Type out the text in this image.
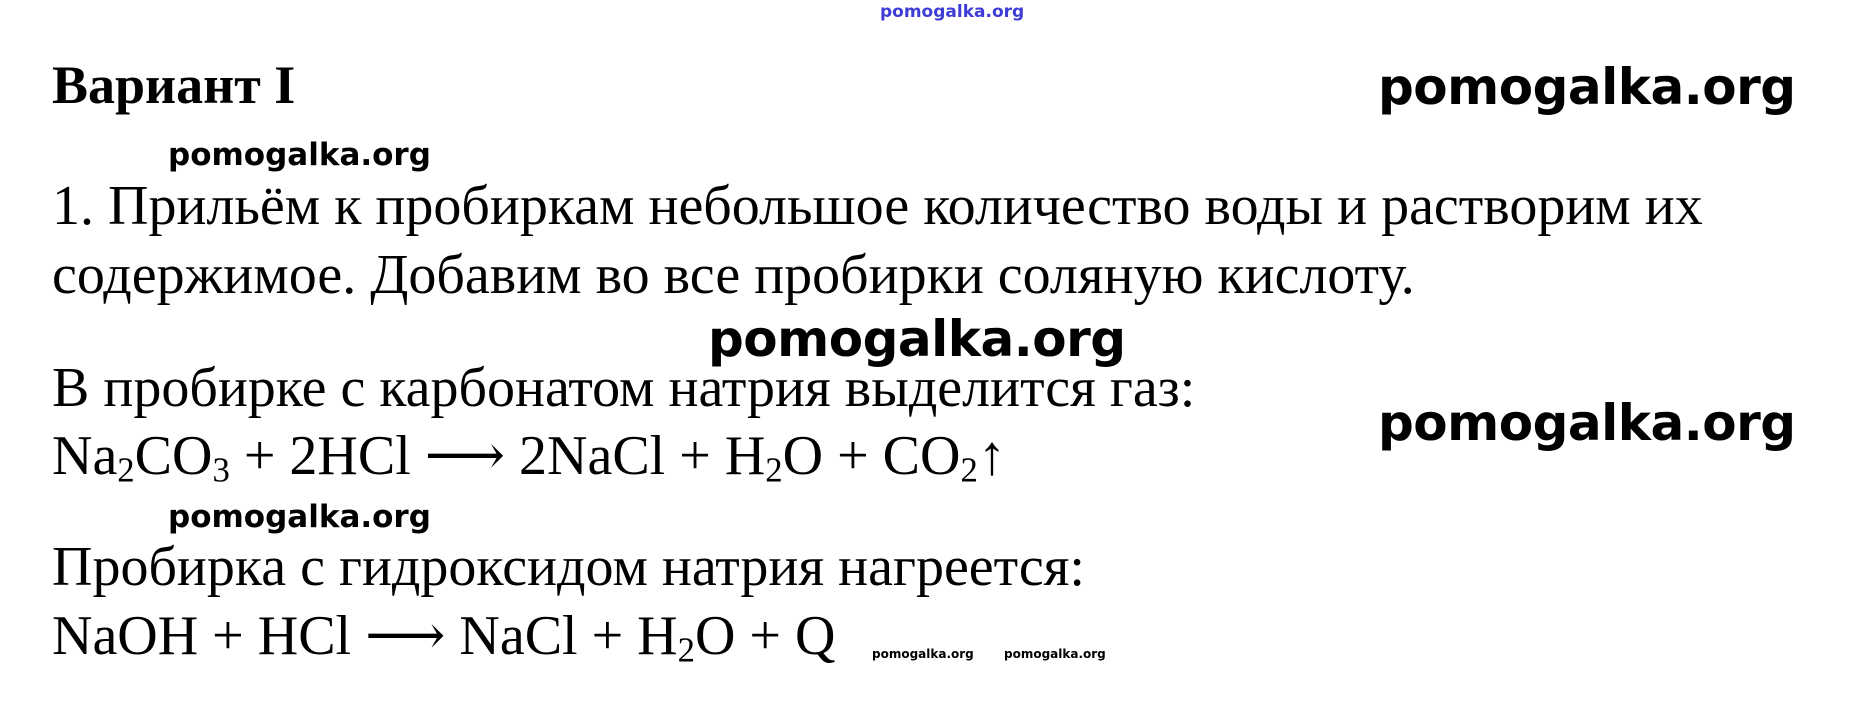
pomogalka.org
Вариант I	pomogalka.org
pomogalka.org
1. Прильём к пробиркам небольшое количество воды и растворим их
содержимое. Добавим во все пробирки соляную кислоту.
pomogalka.org
В пробирке с карбонатом натрия выделится газ:
pomogalka.org
$Na_2CO_3 + 2HCl$ ⟶ 2NaCl + $H_2O$ + $CO_2↑$
pomogalka.org
Пробирка с гидроксидом натрия нагреется:
NaOH + HCl ⟶ NaCl + $H_2O + Q$	pomogalka.org	pomogalka.org
